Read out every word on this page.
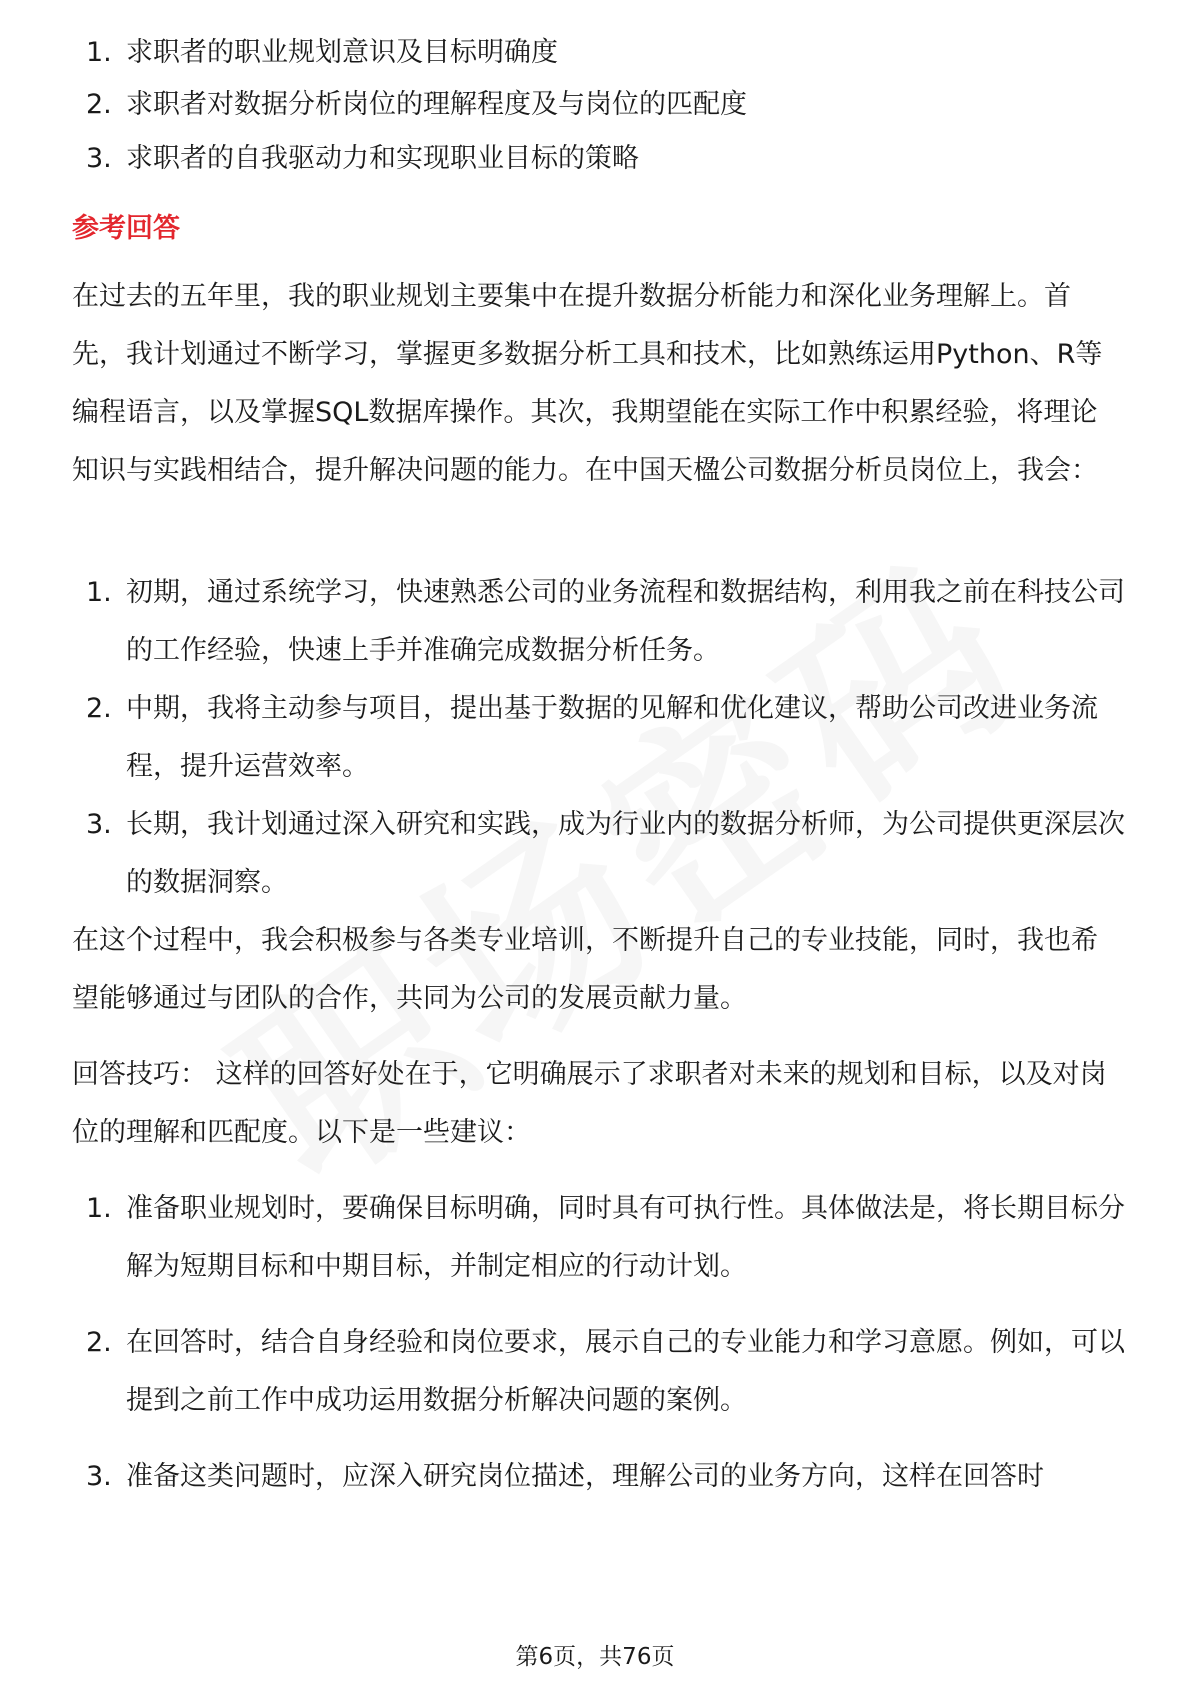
1. 求职者的职业规划意识及目标明确度
2. 求职者对数据分析岗位的理解程度及与岗位的匹配度
3. 求职者的自我驱动力和实现职业目标的策略
参考回答

在过去的五年里，我的职业规划主要集中在提升数据分析能力和深化业务理解上。首先，我计划通过不断学习，掌握更多数据分析工具和技术，比如熟练运用Python、R等编程语言，以及掌握SQL数据库操作。其次，我期望能在实际工作中积累经验，将理论知识与实践相结合，提升解决问题的能力。在中国天楹公司数据分析员岗位上，我会：

1. 初期，通过系统学习，快速熟悉公司的业务流程和数据结构，利用我之前在科技公司的工作经验，快速上手并准确完成数据分析任务。
2. 中期，我将主动参与项目，提出基于数据的见解和优化建议，帮助公司改进业务流程，提升运营效率。
3. 长期，我计划通过深入研究和实践，成为行业内的数据分析师，为公司提供更深层次的数据洞察。

在这个过程中，我会积极参与各类专业培训，不断提升自己的专业技能，同时，我也希望能够通过与团队的合作，共同为公司的发展贡献力量。

回答技巧： 这样的回答好处在于，它明确展示了求职者对未来的规划和目标，以及对岗位的理解和匹配度。以下是一些建议：

1. 准备职业规划时，要确保目标明确，同时具有可执行性。具体做法是，将长期目标分解为短期目标和中期目标，并制定相应的行动计划。
2. 在回答时，结合自身经验和岗位要求，展示自己的专业能力和学习意愿。例如，可以提到之前工作中成功运用数据分析解决问题的案例。
3. 准备这类问题时，应深入研究岗位描述，理解公司的业务方向，这样在回答时
第6页，共76页
